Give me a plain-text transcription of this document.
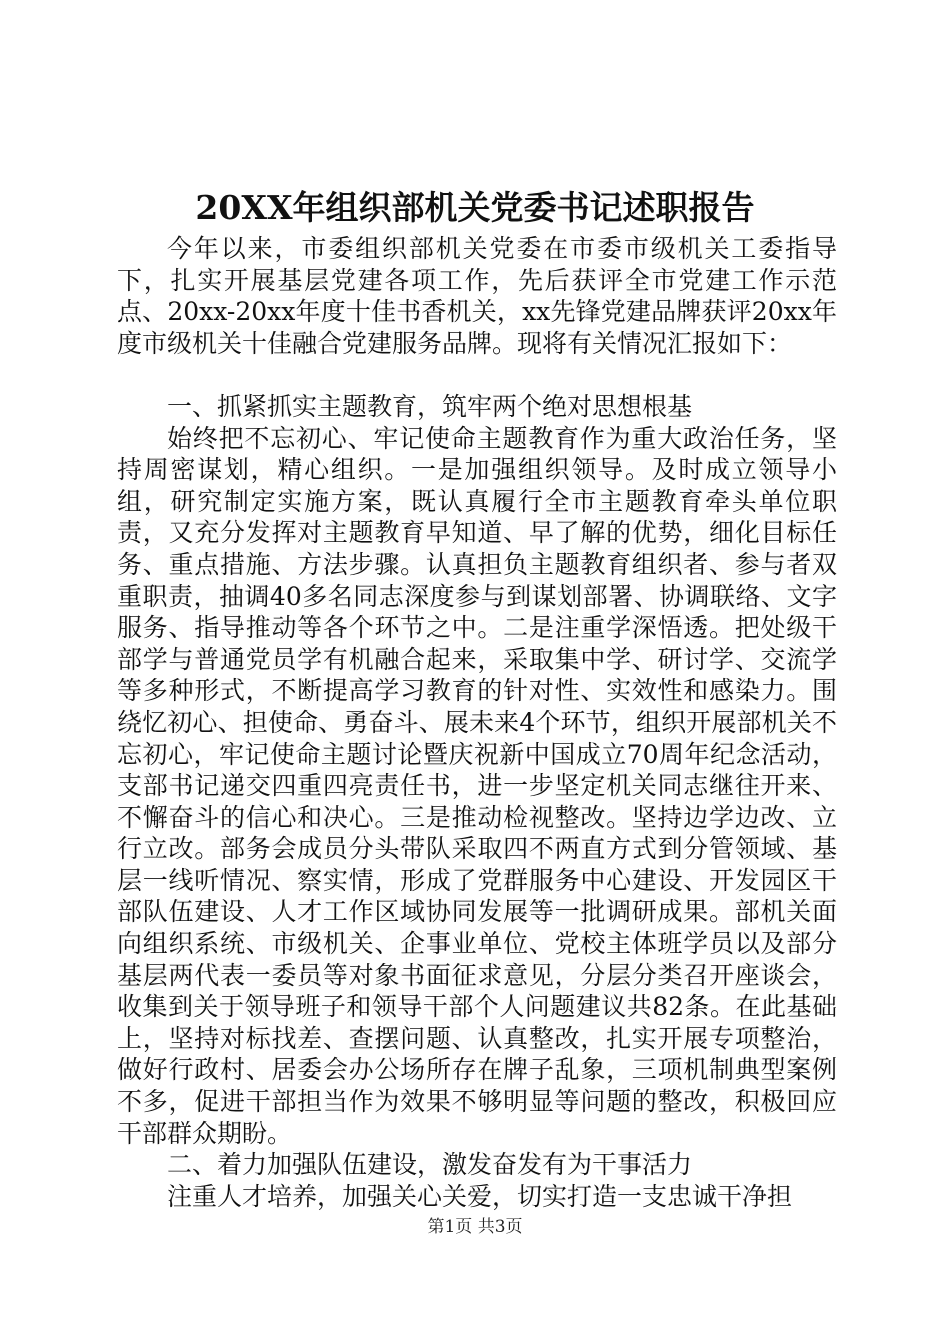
20XX年组织部机关党委书记述职报告

今年以来，市委组织部机关党委在市委市级机关工委指导下，扎实开展基层党建各项工作，先后获评全市党建工作示范点、20xx-20xx年度十佳书香机关，xx先锋党建品牌获评20xx年度市级机关十佳融合党建服务品牌。现将有关情况汇报如下：

一、抓紧抓实主题教育，筑牢两个绝对思想根基

始终把不忘初心、牢记使命主题教育作为重大政治任务，坚持周密谋划，精心组织。一是加强组织领导。及时成立领导小组，研究制定实施方案，既认真履行全市主题教育牵头单位职责，又充分发挥对主题教育早知道、早了解的优势，细化目标任务、重点措施、方法步骤。认真担负主题教育组织者、参与者双重职责，抽调40多名同志深度参与到谋划部署、协调联络、文字服务、指导推动等各个环节之中。二是注重学深悟透。把处级干部学与普通党员学有机融合起来，采取集中学、研讨学、交流学等多种形式，不断提高学习教育的针对性、实效性和感染力。围绕忆初心、担使命、勇奋斗、展未来4个环节，组织开展部机关不忘初心，牢记使命主题讨论暨庆祝新中国成立70周年纪念活动，支部书记递交四重四亮责任书，进一步坚定机关同志继往开来、不懈奋斗的信心和决心。三是推动检视整改。坚持边学边改、立行立改。部务会成员分头带队采取四不两直方式到分管领域、基层一线听情况、察实情，形成了党群服务中心建设、开发园区干部队伍建设、人才工作区域协同发展等一批调研成果。部机关面向组织系统、市级机关、企事业单位、党校主体班学员以及部分基层两代表一委员等对象书面征求意见，分层分类召开座谈会，收集到关于领导班子和领导干部个人问题建议共82条。在此基础上，坚持对标找差、查摆问题、认真整改，扎实开展专项整治，做好行政村、居委会办公场所存在牌子乱象，三项机制典型案例不多，促进干部担当作为效果不够明显等问题的整改，积极回应干部群众期盼。

二、着力加强队伍建设，激发奋发有为干事活力

注重人才培养，加强关心关爱，切实打造一支忠诚干净担

第1页 共3页
